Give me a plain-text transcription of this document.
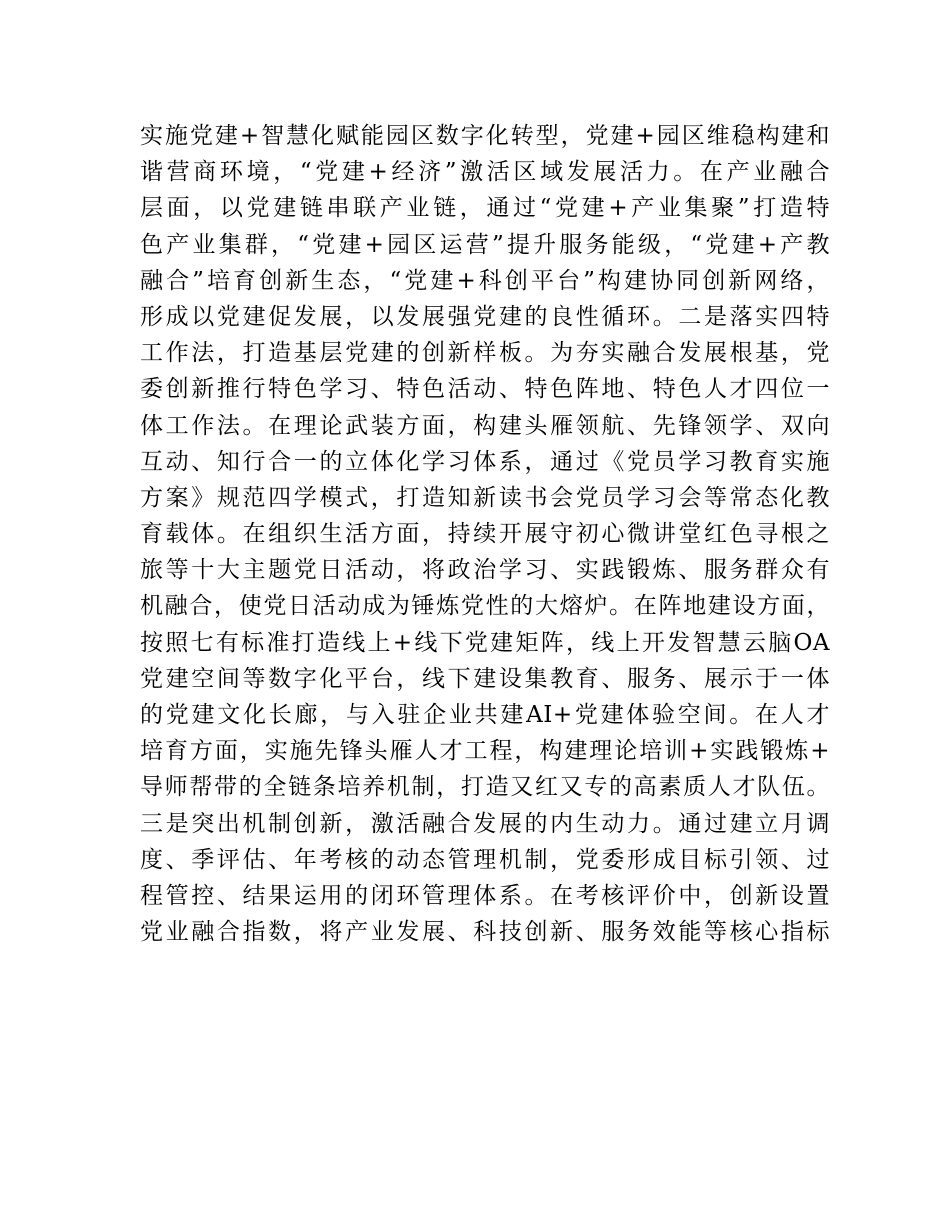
实施党建+智慧化赋能园区数字化转型，党建+园区维稳构建和
谐营商环境，“党建+经济”激活区域发展活力。在产业融合
层面，以党建链串联产业链，通过“党建+产业集聚”打造特
色产业集群，“党建+园区运营”提升服务能级，“党建+产教
融合”培育创新生态，“党建+科创平台”构建协同创新网络，
形成以党建促发展，以发展强党建的良性循环。二是落实四特
工作法，打造基层党建的创新样板。为夯实融合发展根基，党
委创新推行特色学习、特色活动、特色阵地、特色人才四位一
体工作法。在理论武装方面，构建头雁领航、先锋领学、双向
互动、知行合一的立体化学习体系，通过《党员学习教育实施
方案》规范四学模式，打造知新读书会党员学习会等常态化教
育载体。在组织生活方面，持续开展守初心微讲堂红色寻根之
旅等十大主题党日活动，将政治学习、实践锻炼、服务群众有
机融合，使党日活动成为锤炼党性的大熔炉。在阵地建设方面，
按照七有标准打造线上+线下党建矩阵，线上开发智慧云脑OA
党建空间等数字化平台，线下建设集教育、服务、展示于一体
的党建文化长廊，与入驻企业共建AI+党建体验空间。在人才
培育方面，实施先锋头雁人才工程，构建理论培训+实践锻炼+
导师帮带的全链条培养机制，打造又红又专的高素质人才队伍。
三是突出机制创新，激活融合发展的内生动力。通过建立月调
度、季评估、年考核的动态管理机制，党委形成目标引领、过
程管控、结果运用的闭环管理体系。在考核评价中，创新设置
党业融合指数，将产业发展、科技创新、服务效能等核心指标
